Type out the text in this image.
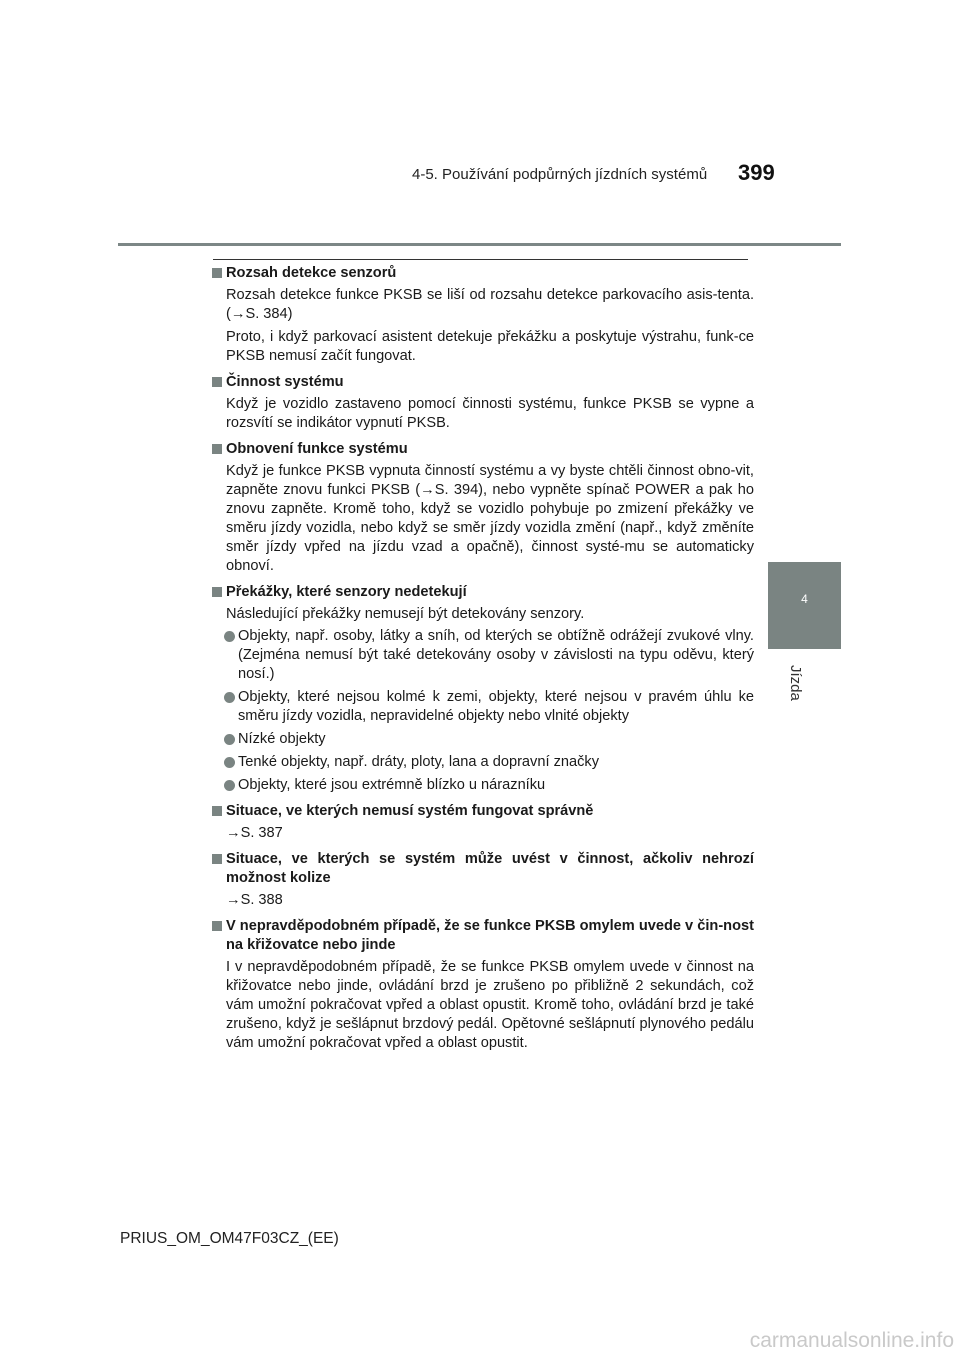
4-5. Používání podpůrných jízdních systémů 399
4
Jízda
Rozsah detekce senzorů
Rozsah detekce funkce PKSB se liší od rozsahu detekce parkovacího asis-tenta. (→S. 384)
Proto, i když parkovací asistent detekuje překážku a poskytuje výstrahu, funk-ce PKSB nemusí začít fungovat.
Činnost systému
Když je vozidlo zastaveno pomocí činnosti systému, funkce PKSB se vypne a rozsvítí se indikátor vypnutí PKSB.
Obnovení funkce systému
Když je funkce PKSB vypnuta činností systému a vy byste chtěli činnost obno-vit, zapněte znovu funkci PKSB (→S. 394), nebo vypněte spínač POWER a pak ho znovu zapněte. Kromě toho, když se vozidlo pohybuje po zmizení překážky ve směru jízdy vozidla, nebo když se směr jízdy vozidla změní (např., když změníte směr jízdy vpřed na jízdu vzad a opačně), činnost systé-mu se automaticky obnoví.
Překážky, které senzory nedetekují
Následující překážky nemusejí být detekovány senzory.
Objekty, např. osoby, látky a sníh, od kterých se obtížně odrážejí zvukové vlny. (Zejména nemusí být také detekovány osoby v závislosti na typu oděvu, který nosí.)
Objekty, které nejsou kolmé k zemi, objekty, které nejsou v pravém úhlu ke směru jízdy vozidla, nepravidelné objekty nebo vlnité objekty
Nízké objekty
Tenké objekty, např. dráty, ploty, lana a dopravní značky
Objekty, které jsou extrémně blízko u nárazníku
Situace, ve kterých nemusí systém fungovat správně
→S. 387
Situace, ve kterých se systém může uvést v činnost, ačkoliv nehrozí možnost kolize
→S. 388
V nepravděpodobném případě, že se funkce PKSB omylem uvede v čin-nost na křižovatce nebo jinde
I v nepravděpodobném případě, že se funkce PKSB omylem uvede v činnost na křižovatce nebo jinde, ovládání brzd je zrušeno po přibližně 2 sekundách, což vám umožní pokračovat vpřed a oblast opustit. Kromě toho, ovládání brzd je také zrušeno, když je sešlápnut brzdový pedál. Opětovné sešlápnutí plynového pedálu vám umožní pokračovat vpřed a oblast opustit.
PRIUS_OM_OM47F03CZ_(EE)
carmanualsonline.info
